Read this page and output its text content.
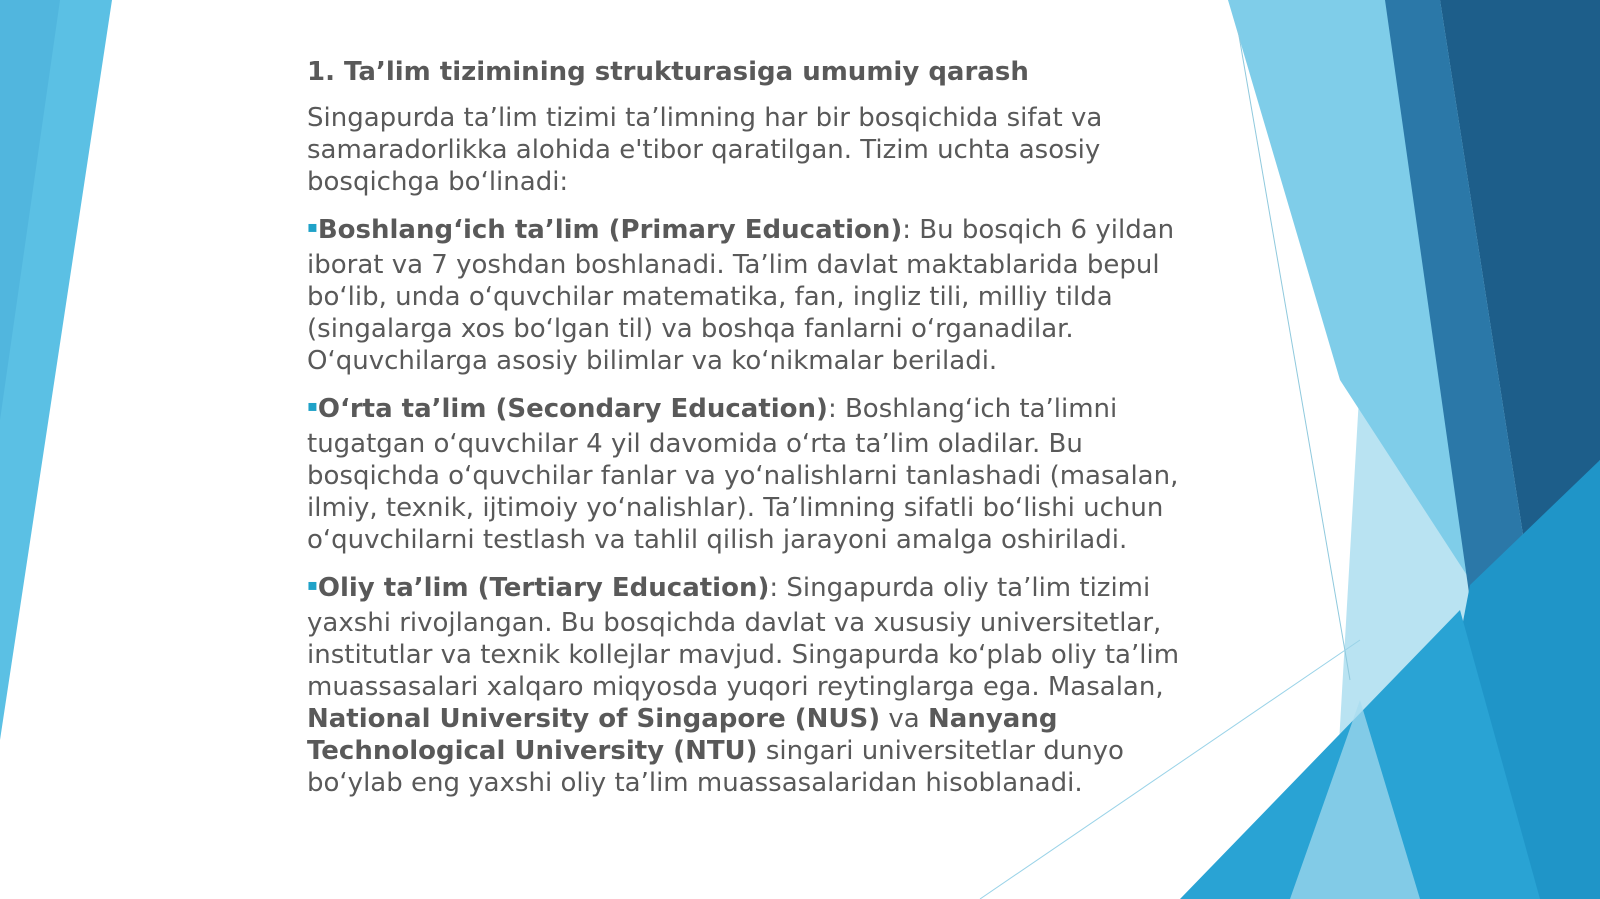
1. Ta’lim tizimining strukturasiga umumiy qarash

Singapurda ta’lim tizimi ta’limning har bir bosqichida sifat va samaradorlikka alohida e'tibor qaratilgan. Tizim uchta asosiy bosqichga bo‘linadi:

▪Boshlang‘ich ta’lim (Primary Education): Bu bosqich 6 yildan iborat va 7 yoshdan boshlanadi. Ta’lim davlat maktablarida bepul bo‘lib, unda o‘quvchilar matematika, fan, ingliz tili, milliy tilda (singalarga xos bo‘lgan til) va boshqa fanlarni o‘rganadilar. O‘quvchilarga asosiy bilimlar va ko‘nikmalar beriladi.

▪O‘rta ta’lim (Secondary Education): Boshlang‘ich ta’limni tugatgan o‘quvchilar 4 yil davomida o‘rta ta’lim oladilar. Bu bosqichda o‘quvchilar fanlar va yo‘nalishlarni tanlashadi (masalan, ilmiy, texnik, ijtimoiy yo‘nalishlar). Ta’limning sifatli bo‘lishi uchun o‘quvchilarni testlash va tahlil qilish jarayoni amalga oshiriladi.

▪Oliy ta’lim (Tertiary Education): Singapurda oliy ta’lim tizimi yaxshi rivojlangan. Bu bosqichda davlat va xususiy universitetlar, institutlar va texnik kollejlar mavjud. Singapurda ko‘plab oliy ta’lim muassasalari xalqaro miqyosda yuqori reytinglarga ega. Masalan, National University of Singapore (NUS) va Nanyang Technological University (NTU) singari universitetlar dunyo bo‘ylab eng yaxshi oliy ta’lim muassasalaridan hisoblanadi.
